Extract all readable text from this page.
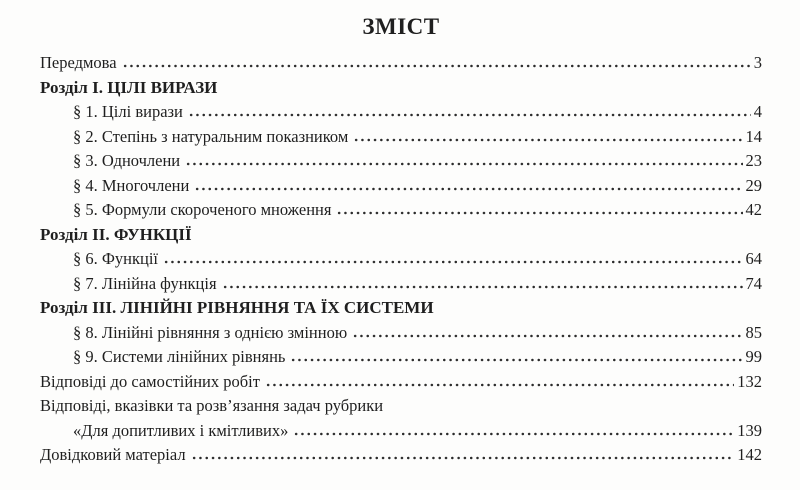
ЗМІСТ
Передмова	3
Розділ I. ЦІЛІ ВИРАЗИ
§ 1. Цілі вирази	4
§ 2. Степінь з натуральним показником	14
§ 3. Одночлени	23
§ 4. Многочлени	29
§ 5. Формули скороченого множення	42
Розділ II. ФУНКЦІЇ
§ 6. Функції	64
§ 7. Лінійна функція	74
Розділ III. ЛІНІЙНІ РІВНЯННЯ ТА ЇХ СИСТЕМИ
§ 8. Лінійні рівняння з однією змінною	85
§ 9. Системи лінійних рівнянь	99
Відповіді до самостійних робіт	132
Відповіді, вказівки та розв’язання задач рубрики
«Для допитливих і кмітливих»	139
Довідковий матеріал	142
